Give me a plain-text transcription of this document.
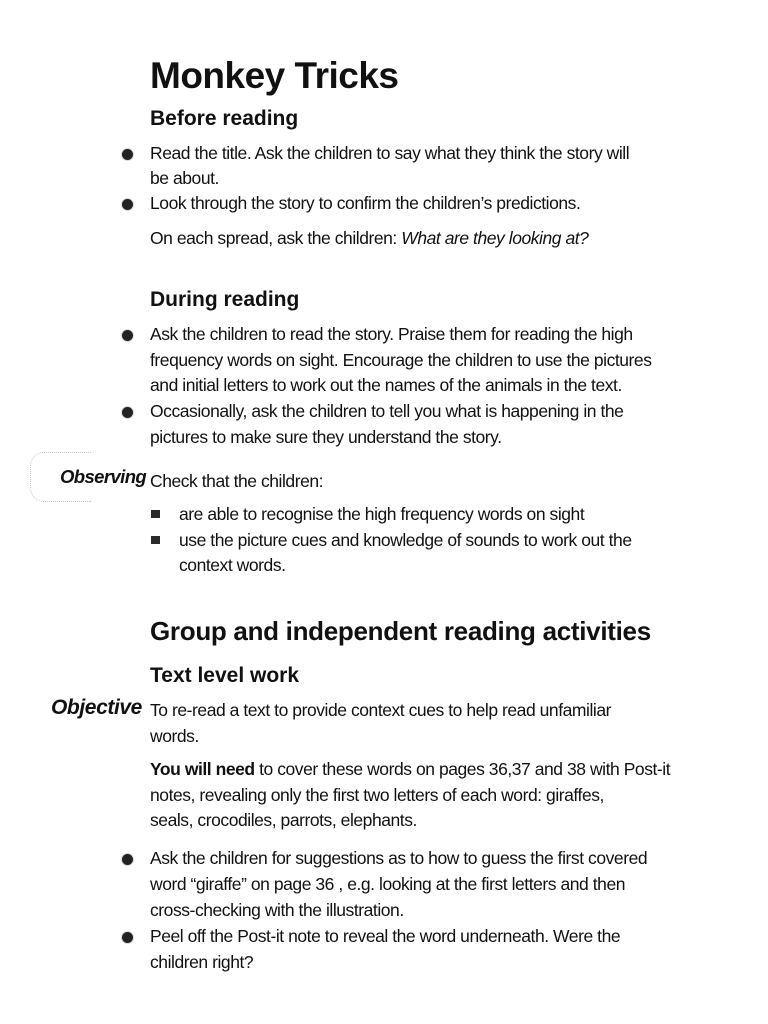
Monkey Tricks
Before reading
Read the title. Ask the children to say what they think the story will
be about.
Look through the story to confirm the children’s predictions.
On each spread, ask the children: What are they looking at?
During reading
Ask the children to read the story. Praise them for reading the high
frequency words on sight. Encourage the children to use the pictures
and initial letters to work out the names of the animals in the text.
Occasionally, ask the children to tell you what is happening in the
pictures to make sure they understand the story.
Observing Check that the children:
are able to recognise the high frequency words on sight
use the picture cues and knowledge of sounds to work out the
context words.
Group and independent reading activities
Text level work
Objective To re-read a text to provide context cues to help read unfamiliar
words.
You will need to cover these words on pages 36,37 and 38 with Post-it
notes, revealing only the first two letters of each word: giraffes,
seals, crocodiles, parrots, elephants.
Ask the children for suggestions as to how to guess the first covered
word “giraffe” on page 36 , e.g. looking at the first letters and then
cross-checking with the illustration.
Peel off the Post-it note to reveal the word underneath. Were the
children right?
